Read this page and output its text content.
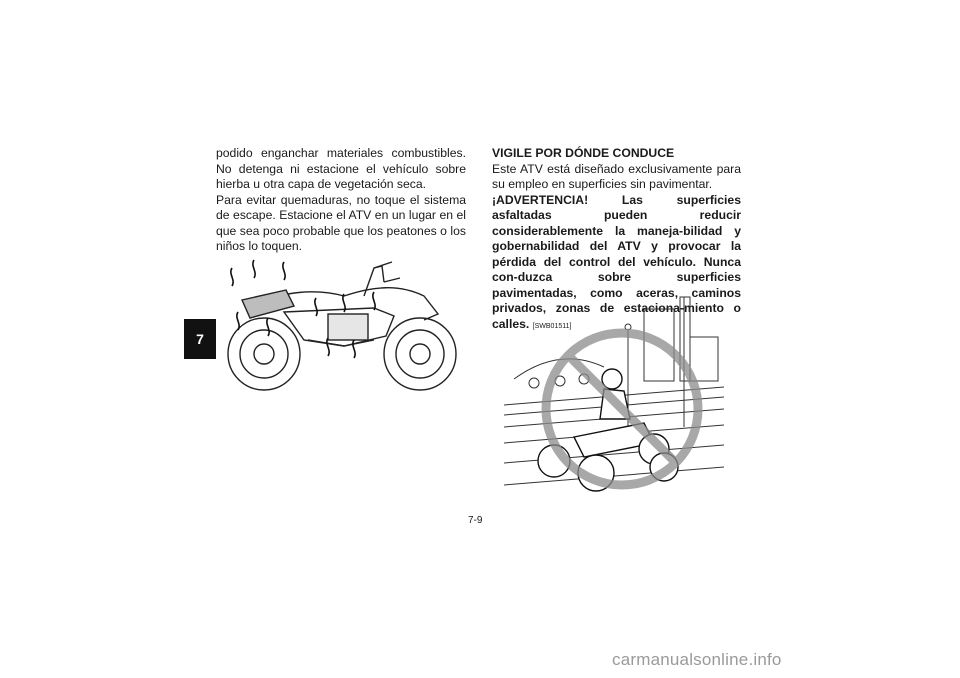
7

podido enganchar materiales combustibles. No detenga ni estacione el vehículo sobre hierba u otra capa de vegetación seca.

Para evitar quemaduras, no toque el sistema de escape. Estacione el ATV en un lugar en el que sea poco probable que los peatones o los niños lo toquen.

VIGILE POR DÓNDE CONDUCE

Este ATV está diseñado exclusivamente para su empleo en superficies sin pavimentar.

¡ADVERTENCIA! Las superficies asfaltadas pueden reducir considerablemente la maneja-bilidad y gobernabilidad del ATV y provocar la pérdida del control del vehículo. Nunca con-duzca sobre superficies pavimentadas, como aceras, caminos privados, zonas de estaciona-miento o calles. [SWB01511]

7-9
carmanualsonline.info
